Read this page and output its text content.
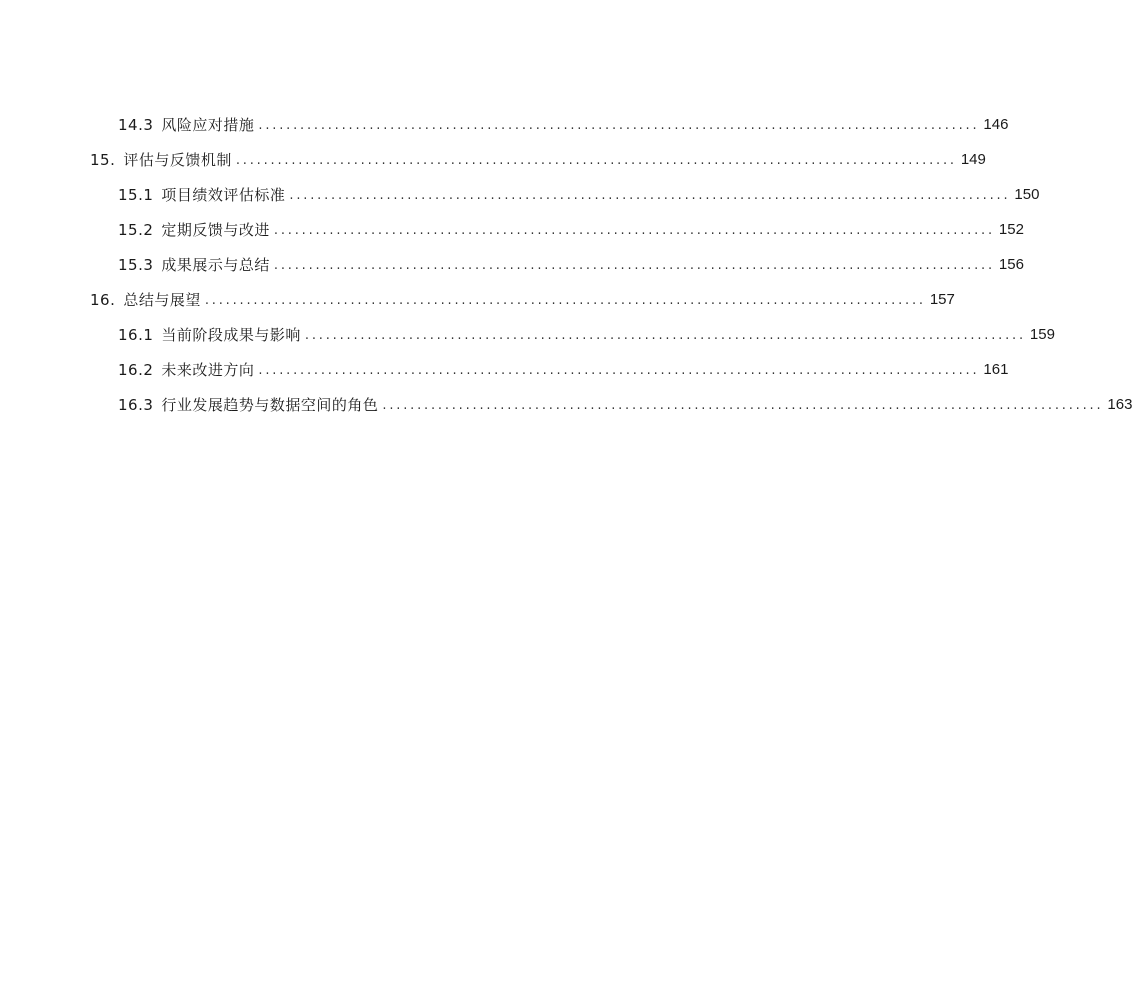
14.3 风险应对措施 ........................................................................................................ 146
15. 评估与反馈机制 ........................................................................................................ 149
15.1 项目绩效评估标准 ........................................................................................................ 150
15.2 定期反馈与改进 ........................................................................................................ 152
15.3 成果展示与总结 ........................................................................................................ 156
16. 总结与展望 ........................................................................................................ 157
16.1 当前阶段成果与影响 ........................................................................................................ 159
16.2 未来改进方向 ........................................................................................................ 161
16.3 行业发展趋势与数据空间的角色 ........................................................................................................ 163
